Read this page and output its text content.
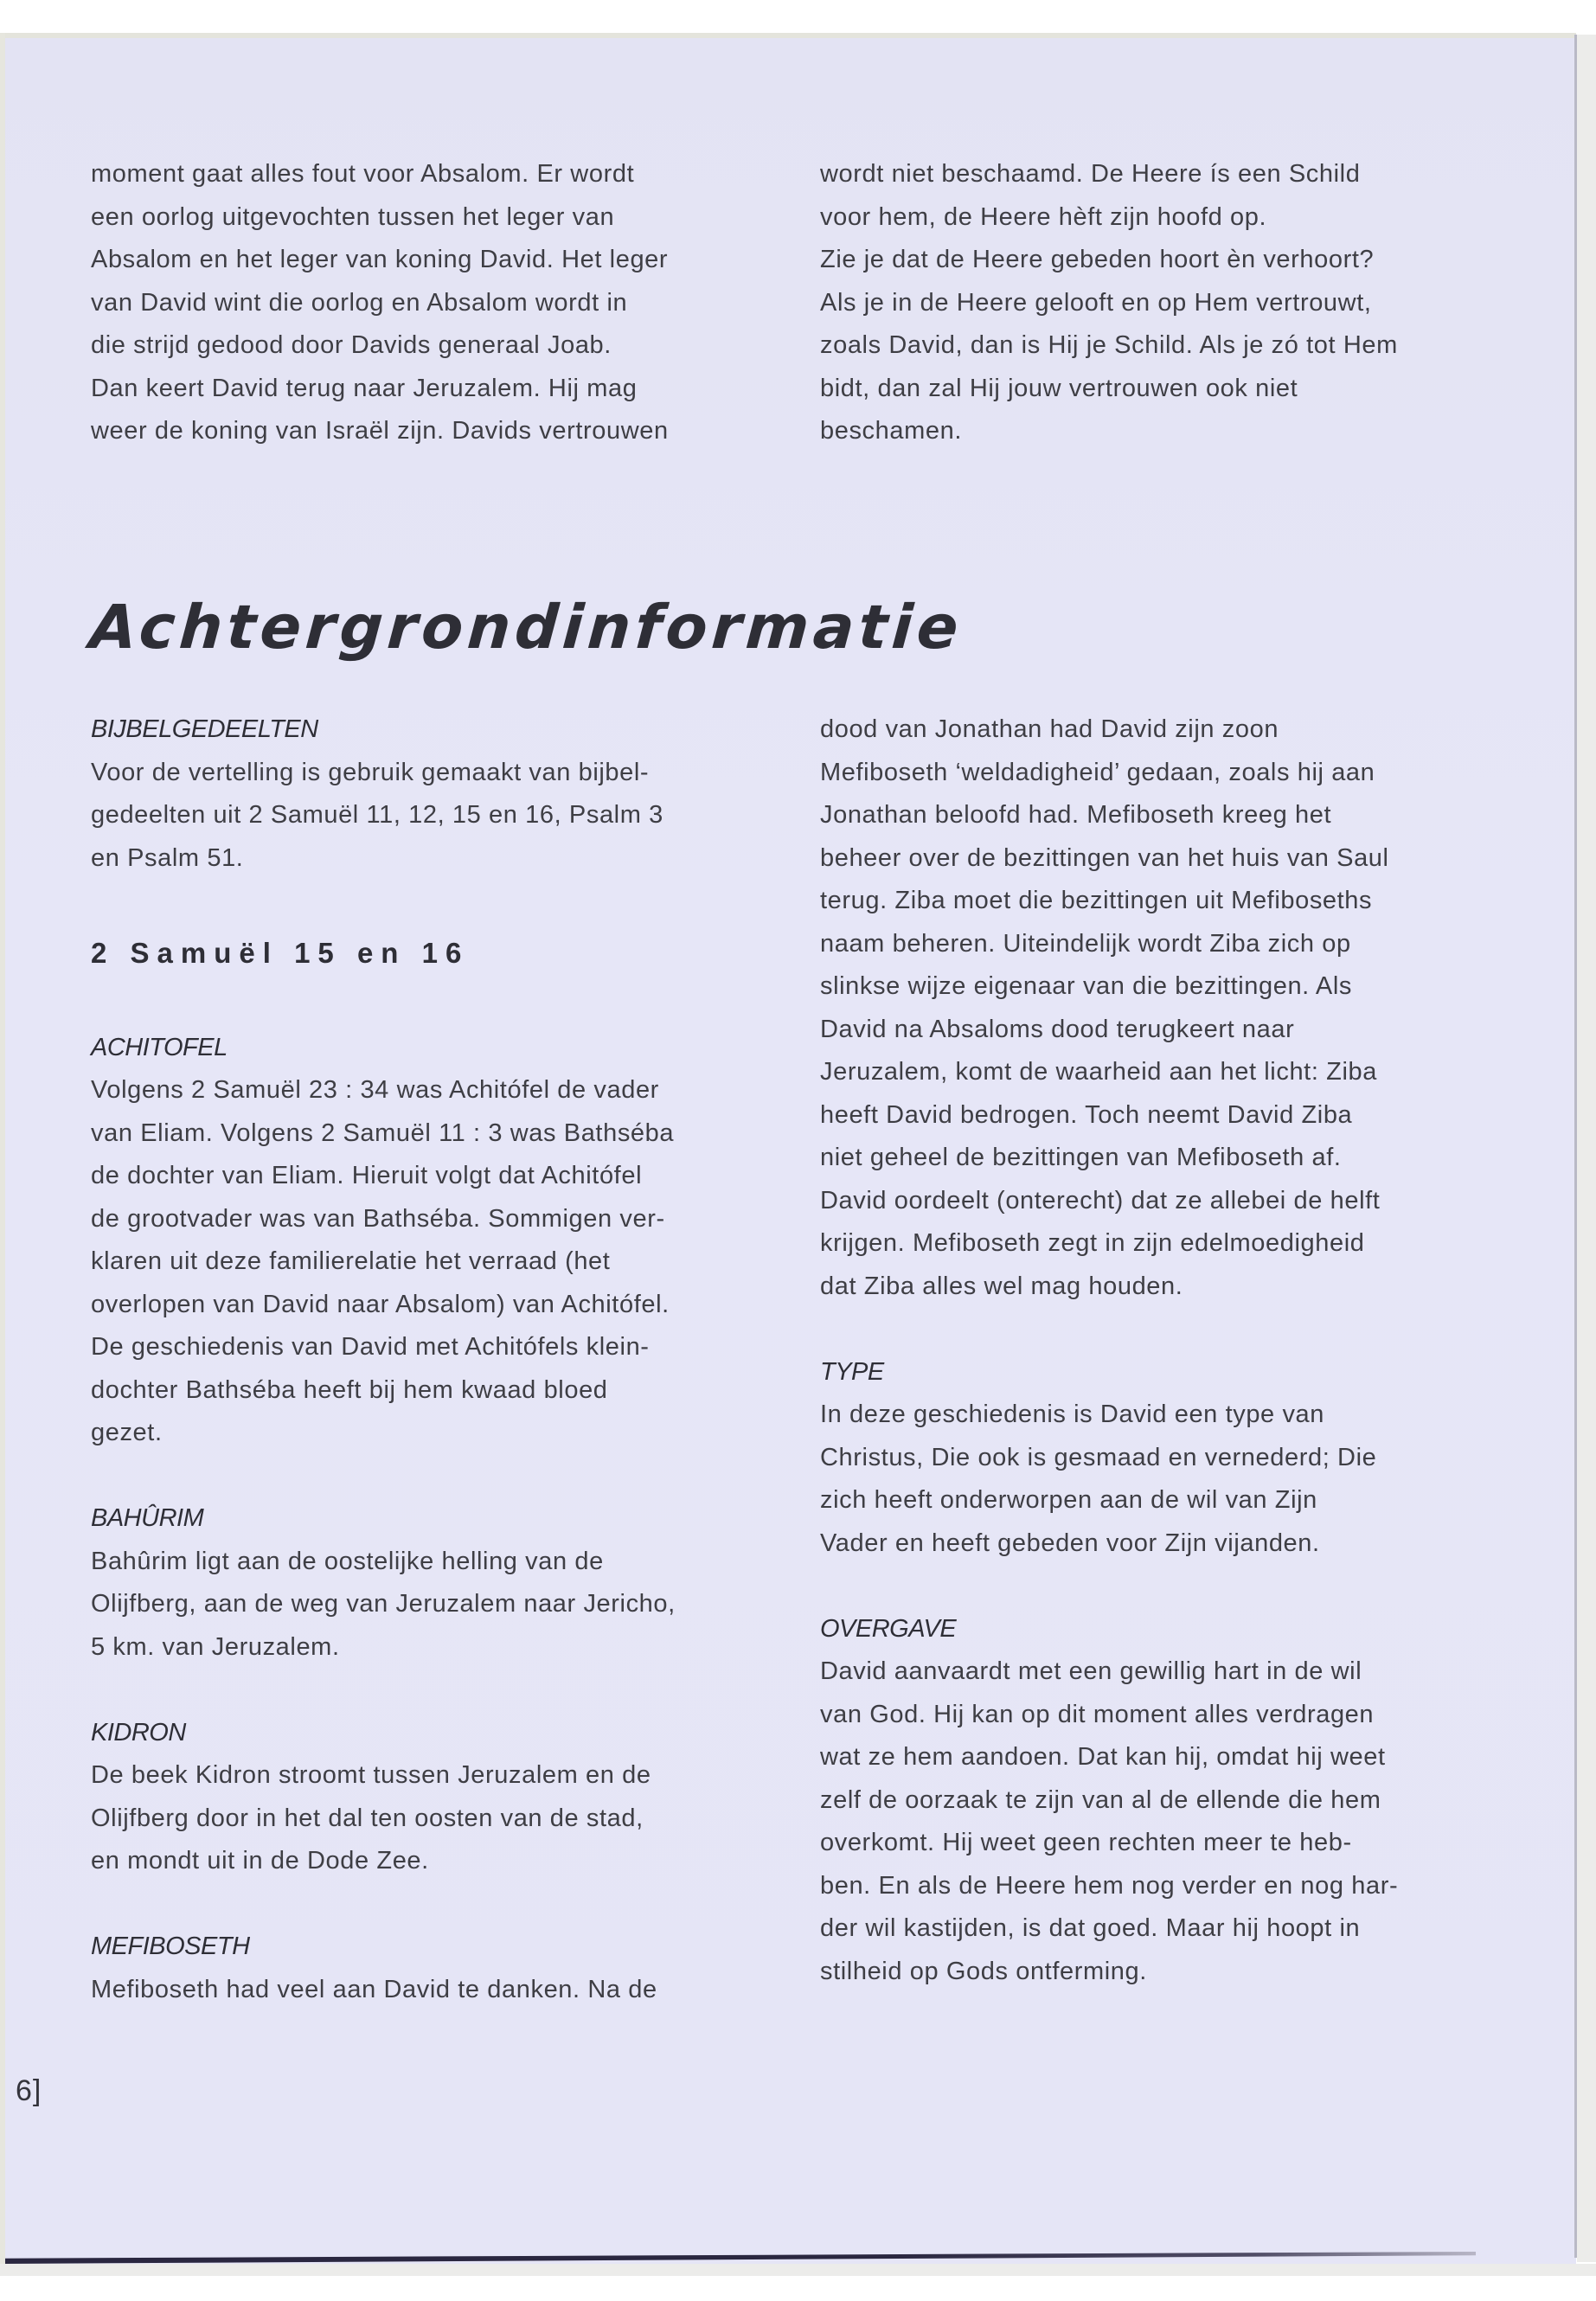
moment gaat alles fout voor Absalom. Er wordt
een oorlog uitgevochten tussen het leger van
Absalom en het leger van koning David. Het leger
van David wint die oorlog en Absalom wordt in
die strijd gedood door Davids generaal Joab.
Dan keert David terug naar Jeruzalem. Hij mag
weer de koning van Israël zijn. Davids vertrouwen
wordt niet beschaamd. De Heere ís een Schild
voor hem, de Heere hèft zijn hoofd op.
Zie je dat de Heere gebeden hoort èn verhoort?
Als je in de Heere gelooft en op Hem vertrouwt,
zoals David, dan is Hij je Schild. Als je zó tot Hem
bidt, dan zal Hij jouw vertrouwen ook niet
beschamen.
Achtergrondinformatie
BIJBELGEDEELTEN
Voor de vertelling is gebruik gemaakt van bijbel-
gedeelten uit 2 Samuël 11, 12, 15 en 16, Psalm 3
en Psalm 51.
2 Samuël 15 en 16
ACHITOFEL
Volgens 2 Samuël 23 : 34 was Achitófel de vader
van Eliam. Volgens 2 Samuël 11 : 3 was Bathséba
de dochter van Eliam. Hieruit volgt dat Achitófel
de grootvader was van Bathséba. Sommigen ver-
klaren uit deze familierelatie het verraad (het
overlopen van David naar Absalom) van Achitófel.
De geschiedenis van David met Achitófels klein-
dochter Bathséba heeft bij hem kwaad bloed
gezet.
BAHÛRIM
Bahûrim ligt aan de oostelijke helling van de
Olijfberg, aan de weg van Jeruzalem naar Jericho,
5 km. van Jeruzalem.
KIDRON
De beek Kidron stroomt tussen Jeruzalem en de
Olijfberg door in het dal ten oosten van de stad,
en mondt uit in de Dode Zee.
MEFIBOSETH
Mefiboseth had veel aan David te danken. Na de
dood van Jonathan had David zijn zoon
Mefiboseth ‘weldadigheid’ gedaan, zoals hij aan
Jonathan beloofd had. Mefiboseth kreeg het
beheer over de bezittingen van het huis van Saul
terug. Ziba moet die bezittingen uit Mefiboseths
naam beheren. Uiteindelijk wordt Ziba zich op
slinkse wijze eigenaar van die bezittingen. Als
David na Absaloms dood terugkeert naar
Jeruzalem, komt de waarheid aan het licht: Ziba
heeft David bedrogen. Toch neemt David Ziba
niet geheel de bezittingen van Mefiboseth af.
David oordeelt (onterecht) dat ze allebei de helft
krijgen. Mefiboseth zegt in zijn edelmoedigheid
dat Ziba alles wel mag houden.
TYPE
In deze geschiedenis is David een type van
Christus, Die ook is gesmaad en vernederd; Die
zich heeft onderworpen aan de wil van Zijn
Vader en heeft gebeden voor Zijn vijanden.
OVERGAVE
David aanvaardt met een gewillig hart in de wil
van God. Hij kan op dit moment alles verdragen
wat ze hem aandoen. Dat kan hij, omdat hij weet
zelf de oorzaak te zijn van al de ellende die hem
overkomt. Hij weet geen rechten meer te heb-
ben. En als de Heere hem nog verder en nog har-
der wil kastijden, is dat goed. Maar hij hoopt in
stilheid op Gods ontferming.
6]
